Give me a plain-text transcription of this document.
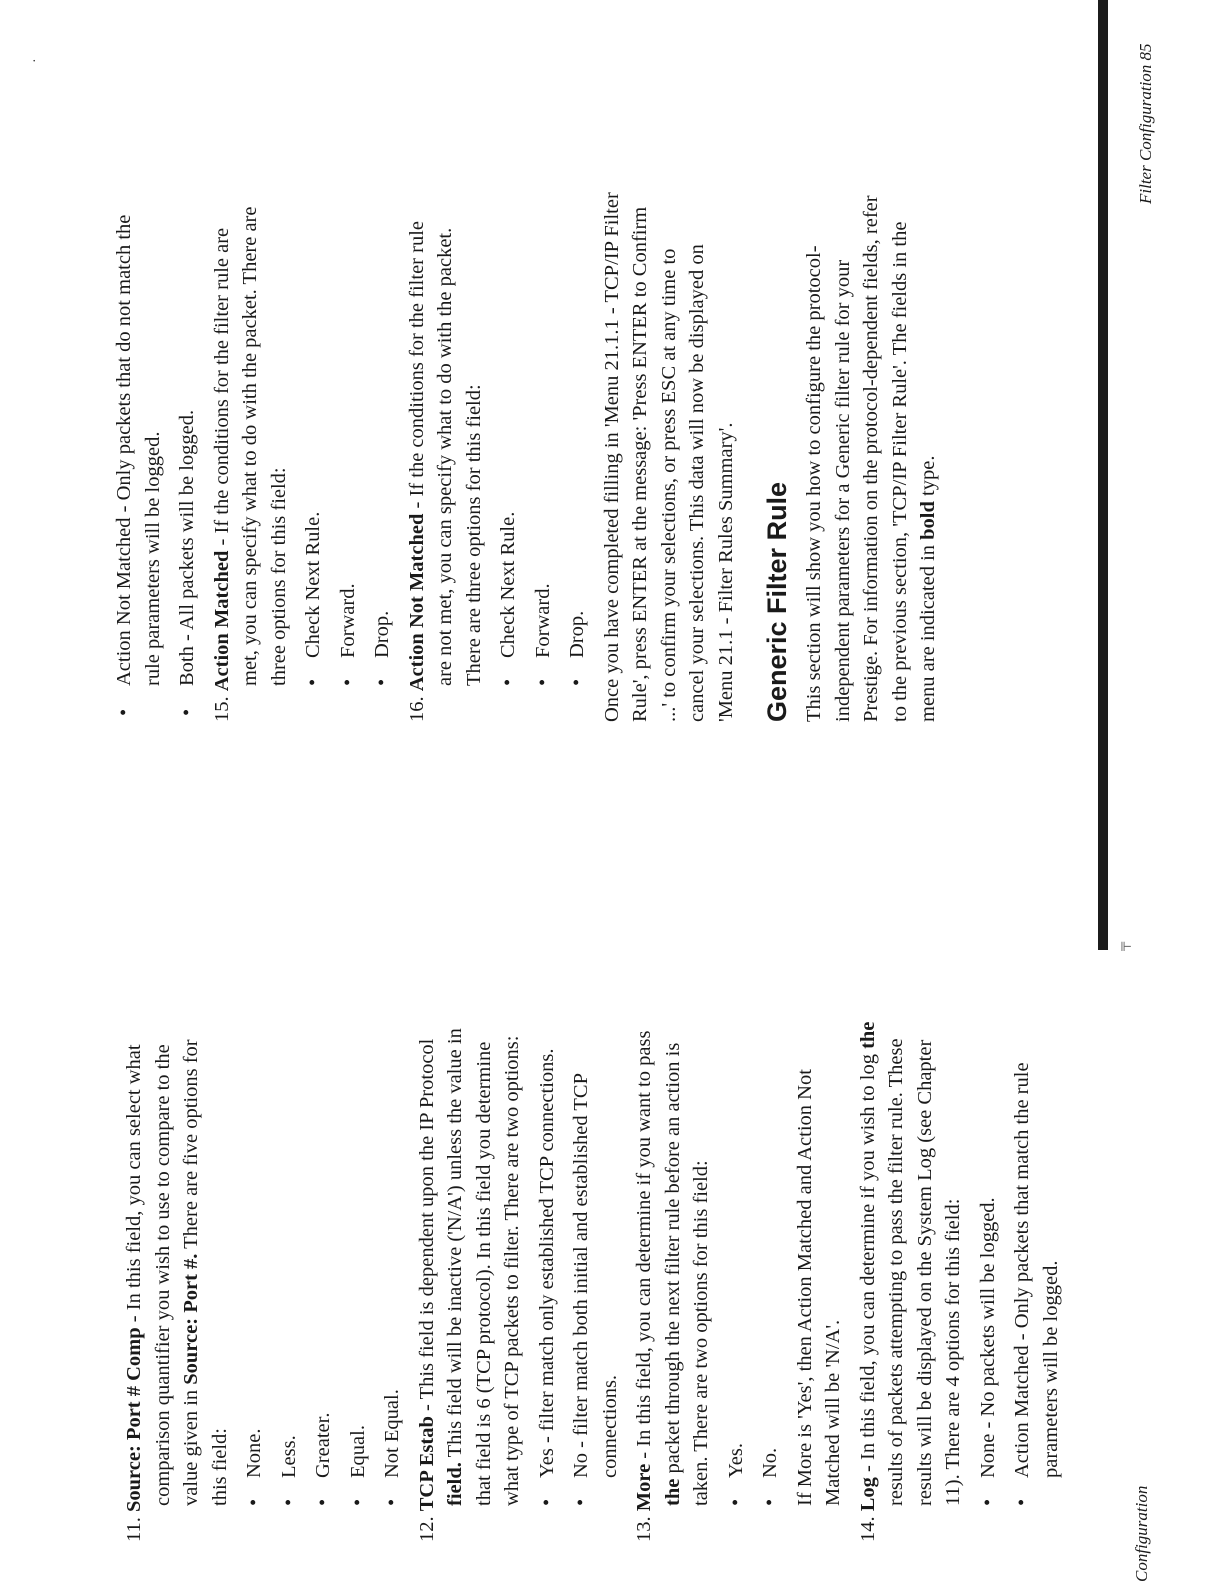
11. Source: Port # Comp - In this field, you can select what comparison quantifier you wish to use to compare to the value given in Source: Port #. There are five options for this field: • None. • Less. • Greater. • Equal. • Not Equal.

12. TCP Estab - This field is dependent upon the IP Protocol field. This field will be inactive ('N/A') unless the value in that field is 6 (TCP protocol). In this field you determine what type of TCP packets to filter. There are two options: • Yes - filter match only established TCP connections. • No - filter match both initial and established TCP connections.

13. More - In this field, you can determine if you want to pass the packet through the next filter rule before an action is taken. There are two options for this field: • Yes. • No. If More is 'Yes', then Action Matched and Action Not Matched will be 'N/A'.

14. Log - In this field, you can determine if you wish to log the results of packets attempting to pass the filter rule. These results will be displayed on the System Log (see Chapter 11). There are 4 options for this field: • None - No packets will be logged. • Action Matched - Only packets that match the rule parameters will be logged.
╤
• Action Not Matched - Only packets that do not match the rule parameters will be logged. • Both - All packets will be logged.

15. Action Matched - If the conditions for the filter rule are met, you can specify what to do with the packet. There are three options for this field: • Check Next Rule. • Forward. • Drop.

16. Action Not Matched - If the conditions for the filter rule are not met, you can specify what to do with the packet. There are three options for this field: • Check Next Rule. • Forward. • Drop. Once you have completed filling in 'Menu 21.1.1 - TCP/IP Filter Rule', press ENTER at the message: 'Press ENTER to Confirm ...' to confirm your selections, or press ESC at any time to cancel your selections. This data will now be displayed on 'Menu 21.1 - Filter Rules Summary'. Generic Filter Rule This section will show you how to configure the protocol-independent parameters for a Generic filter rule for your Prestige. For information on the protocol-dependent fields, refer to the previous section, 'TCP/IP Filter Rule'. The fields in the menu are indicated in bold type.

Configuration
Filter Configuration 85
·
